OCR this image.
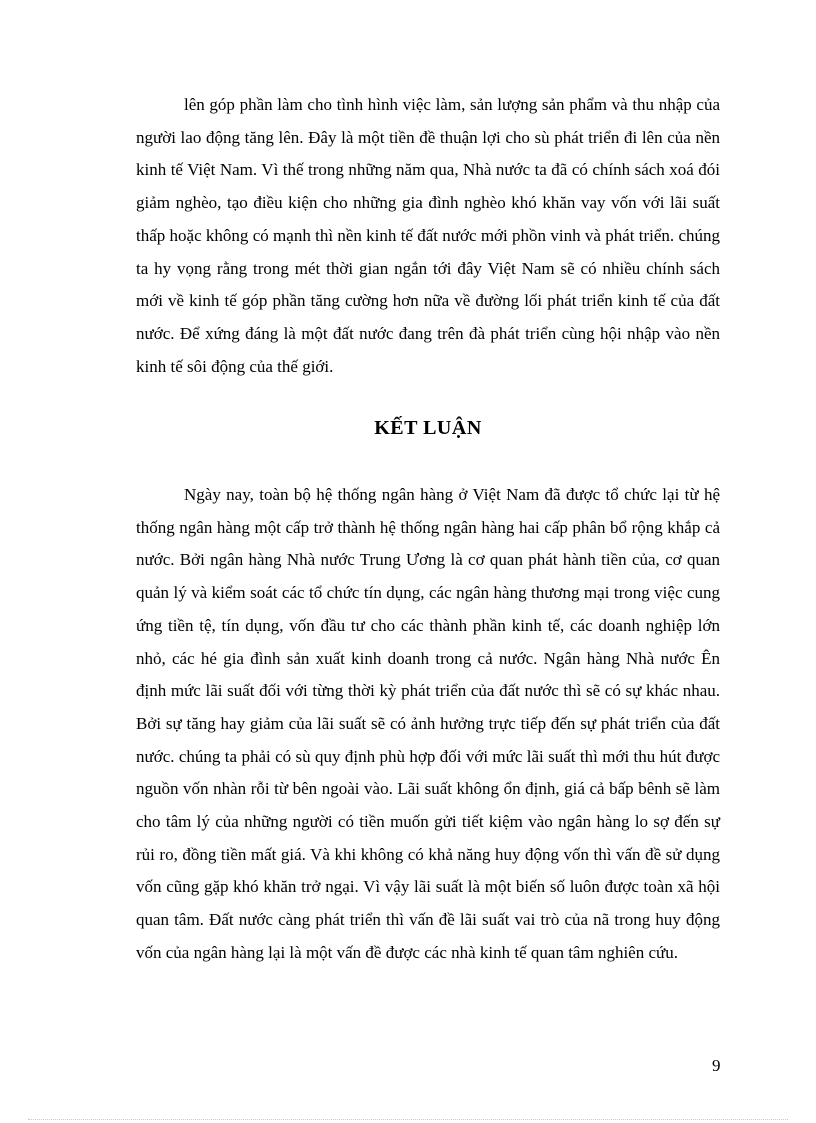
lên góp phần làm cho tình hình việc làm, sản lượng sản phẩm và thu nhập của người lao động tăng lên. Đây là một tiền đề thuận lợi cho sù phát triển đi lên của nền kinh tế Việt Nam. Vì thế trong những năm qua, Nhà nước ta đã có chính sách xoá đói giảm nghèo, tạo điều kiện cho những gia đình nghèo khó khăn vay vốn với lãi suất thấp hoặc không có mạnh thì nền kinh tế đất nước mới phồn vinh và phát triển. chúng ta hy vọng rằng trong mét thời gian ngắn tới đây Việt Nam sẽ có nhiều chính sách mới về kinh tế góp phần tăng cường hơn nữa về đường lối phát triển kinh tế của đất nước. Để xứng đáng là một đất nước đang trên đà phát triển cùng hội nhập vào nền kinh tế sôi động của thế giới.

KẾT LUẬN

Ngày nay, toàn bộ hệ thống ngân hàng ở Việt Nam đã được tổ chức lại từ hệ thống ngân hàng một cấp trở thành hệ thống ngân hàng hai cấp phân bổ rộng khắp cả nước. Bởi ngân hàng Nhà nước Trung Ương là cơ quan phát hành tiền của, cơ quan quản lý và kiểm soát các tổ chức tín dụng, các ngân hàng thương mại trong việc cung ứng tiền tệ, tín dụng, vốn đầu tư cho các thành phần kinh tế, các doanh nghiệp lớn nhỏ, các hé gia đình sản xuất kinh doanh trong cả nước. Ngân hàng Nhà nước Ên định mức lãi suất đối với từng thời kỳ phát triển của đất nước thì sẽ có sự khác nhau. Bởi sự tăng hay giảm của lãi suất sẽ có ảnh hưởng trực tiếp đến sự phát triển của đất nước. chúng ta phải có sù quy định phù hợp đối với mức lãi suất thì mới thu hút được nguồn vốn nhàn rỗi từ bên ngoài vào. Lãi suất không ổn định, giá cả bấp bênh sẽ làm cho tâm lý của những người có tiền muốn gửi tiết kiệm vào ngân hàng lo sợ đến sự rủi ro, đồng tiền mất giá. Và khi không có khả năng huy động vốn thì vấn đề sử dụng vốn cũng gặp khó khăn trở ngại. Vì vậy lãi suất là một biến số luôn được toàn xã hội quan tâm. Đất nước càng phát triển thì vấn đề lãi suất vai trò của nã trong huy động vốn của ngân hàng lại là một vấn đề được các nhà kinh tế quan tâm nghiên cứu.

9
